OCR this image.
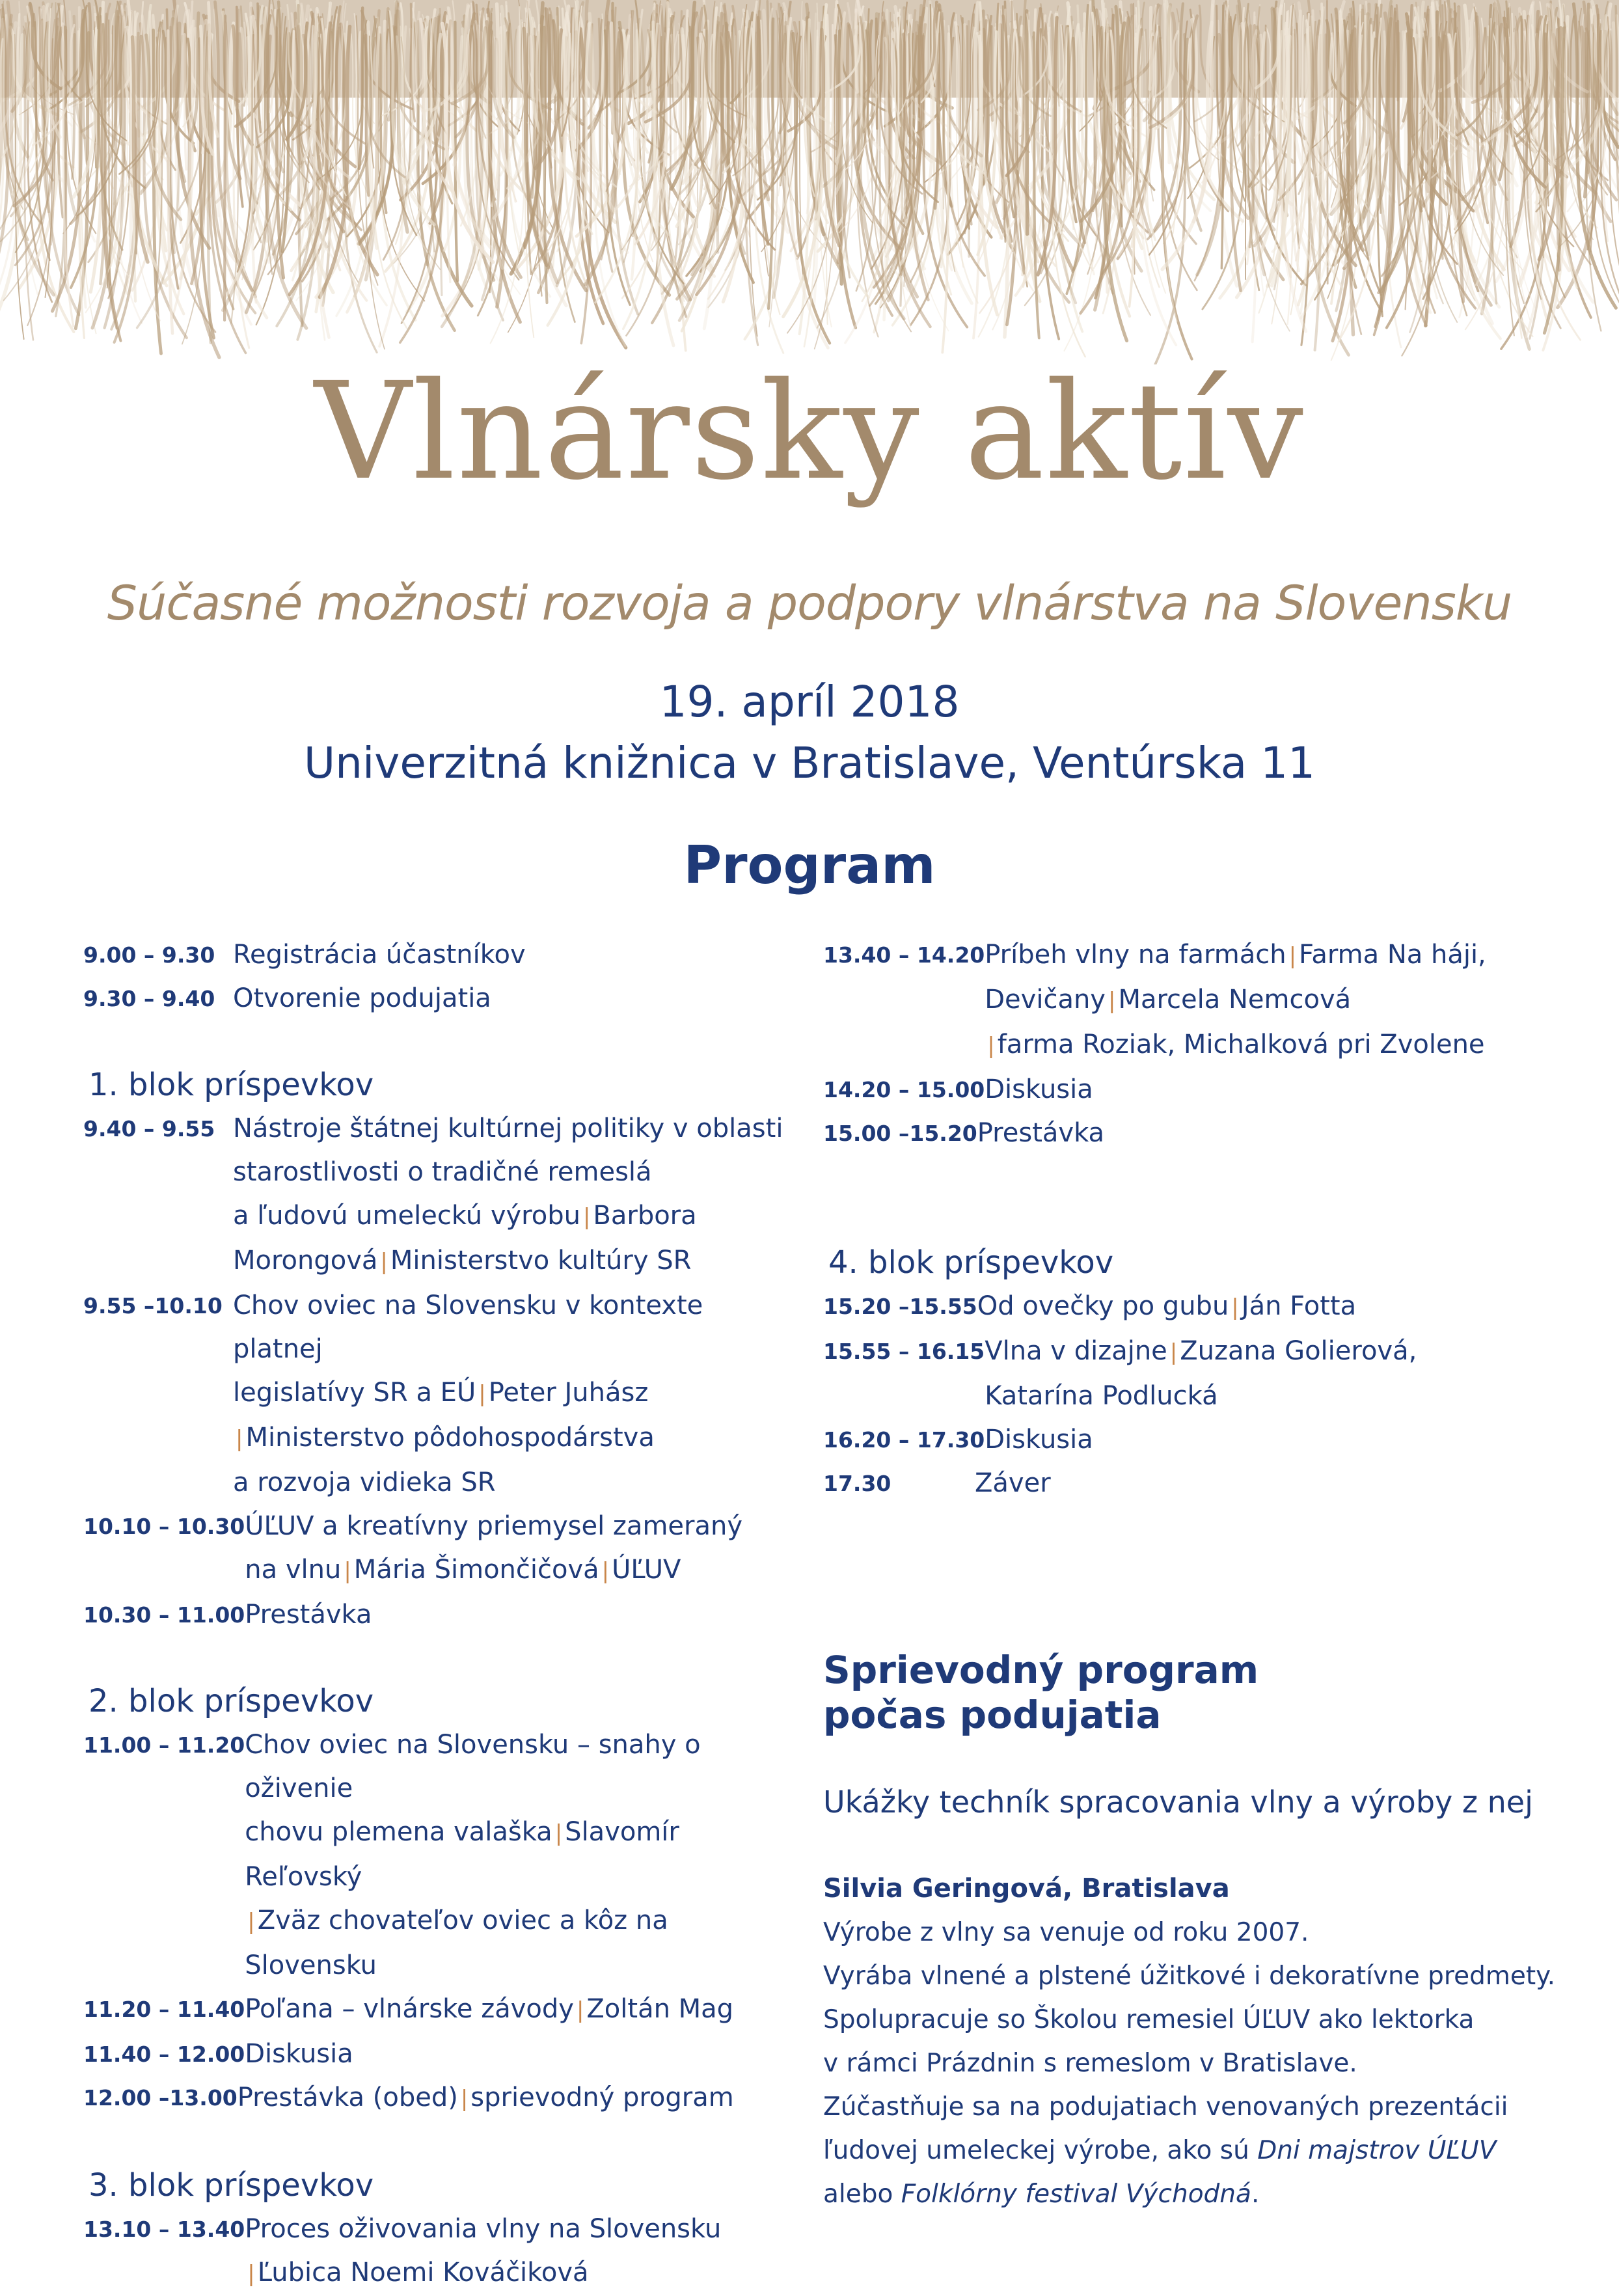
Vlnársky aktív
Súčasné možnosti rozvoja a podpory vlnárstva na Slovensku
19. apríl 2018
Univerzitná knižnica v Bratislave, Ventúrska 11
Program
9.00 – 9.30 Registrácia účastníkov
9.30 – 9.40 Otvorenie podujatia
1. blok príspevkov
9.40 – 9.55 Nástroje štátnej kultúrnej politiky v oblasti
starostlivosti o tradičné remeslá
a ľudovú umeleckú výrobu | Barbora
Morongová | Ministerstvo kultúry SR
9.55 –10.10 Chov oviec na Slovensku v kontexte platnej
legislatívy SR a EÚ | Peter Juhász
| Ministerstvo pôdohospodárstva
a rozvoja vidieka SR
10.10 – 10.30 ÚĽUV a kreatívny priemysel zameraný
na vlnu | Mária Šimončičová | ÚĽUV
10.30 – 11.00 Prestávka
2. blok príspevkov
11.00 – 11.20 Chov oviec na Slovensku – snahy o oživenie
chovu plemena valaška | Slavomír Reľovský
| Zväz chovateľov oviec a kôz na Slovensku
11.20 – 11.40 Poľana – vlnárske závody | Zoltán Mag
11.40 – 12.00 Diskusia
12.00 –13.00 Prestávka (obed) | sprievodný program
3. blok príspevkov
13.10 – 13.40 Proces oživovania vlny na Slovensku
| Ľubica Noemi Kováčiková
13.40 – 14.20 Príbeh vlny na farmách | Farma Na háji,
Devičany | Marcela Nemcová
| farma Roziak, Michalková pri Zvolene
14.20 – 15.00 Diskusia
15.00 –15.20 Prestávka
4. blok príspevkov
15.20 –15.55 Od ovečky po gubu | Ján Fotta
15.55 – 16.15 Vlna v dizajne | Zuzana Golierová,
Katarína Podlucká
16.20 – 17.30 Diskusia
17.30	Záver
Sprievodný program
počas podujatia
Ukážky techník spracovania vlny a výroby z nej
Silvia Geringová, Bratislava
Výrobe z vlny sa venuje od roku 2007.
Vyrába vlnené a plstené úžitkové i dekoratívne predmety.
Spolupracuje so Školou remesiel ÚĽUV ako lektorka
v rámci Prázdnin s remeslom v Bratislave.
Zúčastňuje sa na podujatiach venovaných prezentácii
ľudovej umeleckej výrobe, ako sú Dni majstrov ÚĽUV
alebo Folklórny festival Východná.
